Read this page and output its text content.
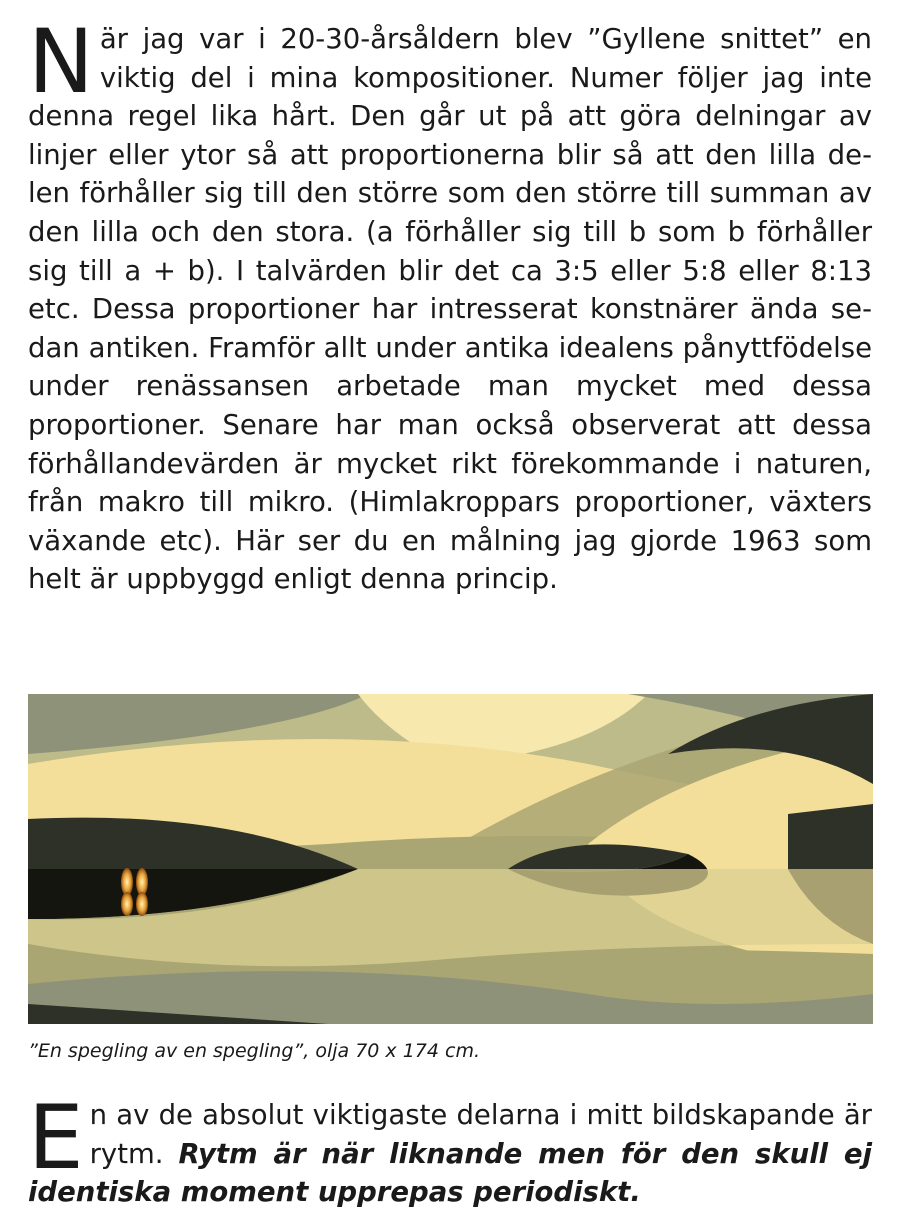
När jag var i 20-30-årsåldern blev ”Gyllene snittet” en viktig del i mina kompositioner. Numer följer jag inte denna regel lika hårt. Den går ut på att göra delningar av linjer eller ytor så att proportionerna blir så att den lilla delen förhåller sig till den större som den större till summan av den lilla och den stora. (a förhåller sig till b som b förhåller sig till a + b). I talvärden blir det ca 3:5 eller 5:8 eller 8:13 etc. Dessa proportioner har intresserat konstnärer ända sedan antiken. Framför allt under antika idealens pånyttfödelse under renässansen arbetade man mycket med dessa proportioner. Senare har man också observerat att dessa förhållandevärden är mycket rikt förekommande i naturen, från makro till mikro. (Himlakroppars proportioner, växters växande etc). Här ser du en målning jag gjorde 1963 som helt är uppbyggd enligt denna princip.
”En spegling av en spegling”, olja 70 x 174 cm.
En av de absolut viktigaste delarna i mitt bildskapande är rytm. Rytm är när liknande men för den skull ej identiska moment upprepas periodiskt.
